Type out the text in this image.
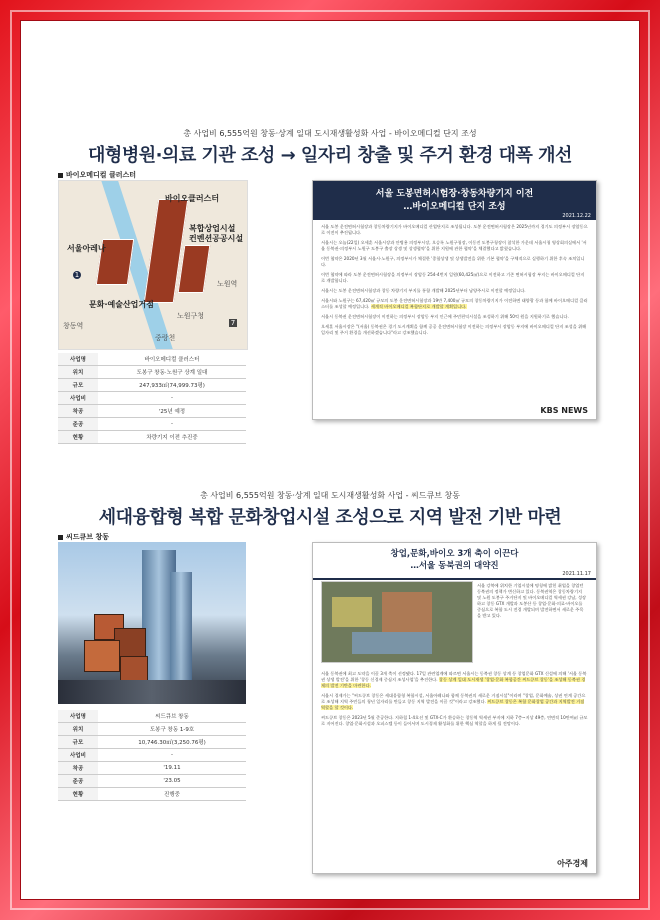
총 사업비 6,555억원 창동·상계 일대 도시재생활성화 사업 - 바이오메디컬 단지 조성

대형병원·의료 기관 조성 → 일자리 창출 및 주거 환경 대폭 개선
바이오메디컬 클러스터
바이오클러스터
복합상업시설
컨벤션공공시설
서울아레나
문화·예술산업거점
노원역
노원구청
창동역
중랑천
1
7
사업명	바이오메디컬 클러스터
위치	도봉구 창동·노원구 상계 일대
규모	247,933㎡(74,999.73평)
사업비	-
착공	'25년 예정
준공	-
현황	차량기지 이전 추진중
서울 도봉면허시험장·창동차량기지 이전
…바이오메디컬 단지 조성
2021.12.22

서울 도봉 운전면허시험장과 창동차량기지가 바이오메디컬 산업단지로 조성됩니다. 도봉 운전면허시험장은 2025년까지 경기도 의정부시 장암동으로 이전이 추진됩니다.

서울시는 오늘(22일) 오세훈 서울시장과 안병용 의정부시장, 오승록 노원구청장, 이동진 도봉구청장이 참석한 가운데 서울시청 영상회의실에서 '서울 동북권-의정부시 노원구 도봉구 출장 상생 및 상생협약'을 위한 지원에 관한 협약'을 체결했다고 밝혔습니다.

이번 협약은 2020년 3월 서울시·노원구, 의정부시가 체결한 '종합상생 및 상생발전을 위한 기본 협약'을 구체적으로 실행하기 위한 후속 조치입니다.

이번 협약에 따라 도봉 운전면허시험장을 의정부시 장암동 254-4번지 일원(60,425㎡)으로 이전하고 기존 면허시험장 부지는 바이오메디컬 단지로 개발합니다.

서울시는 도봉 운전면허시험장과 창동 차량기지 부지를 통합 개발해 2025년부터 남양주시로 이전할 예정입니다.

서울시와 노원구는 67,420㎡ 규모의 도봉 운전면허시험장과 19만 7,400㎡ 규모의 창동차량기지가 이전하면 태양광 등과 함께 바이오메디컬 클러스터를 조성할 예정입니다. 세계적 바이오메디컬 복합단지로 개발할 계획입니다.

서울시 동북권 운전면허시험장이 이전하는 의정부시 장암동 부지 인근에 주민편익시설을 조성하기 위해 50억 원을 지원하기로 했습니다.

오세훈 서울시장은 "(서울) 동북권은 경기 도시계획을 함께 공공 운전면허시험장 이전하는 의정부시 장암동 부지에 바이오메디컬 단지 조성을 위해 일자리 및 주거 환경을 개선하겠습니다"라고 강조했습니다.

KBS NEWS

총 사업비 6,555억원 창동·상계 일대 도시재생활성화 사업 - 씨드큐브 창동

세대융합형 복합 문화창업시설 조성으로 지역 발전 기반 마련
씨드큐브 창동
사업명	씨드큐브 창동
위치	도봉구 창동 1-9호
규모	10,746.30㎡(3,250.76평)
사업비	-
착공	'19.11
준공	'23.05
현황	진행중
창업,문화,바이오 3개 축이 이끈다
…서울 동북권의 대약진
2021.11.17

서울 강북에 위치한 기업시설에 명칭에 밝힌 취업을 창업던 동북권의 정책가 변신하고 있다. 동북권역은 창동차량기지 및 노원 도봉구 주거단지 및 바이오메디컬 역세권 강남, 성장하고 창동 GTX 개발과 도봉산 등 창업·문화·의료·바이오를 중심으로 복합 도시 전경 개발되며 발전하면서 새로운 주목을 받고 있다.

서울 동북권에 최고 도약을 이끌 3개 축이 선정됐다. 17일 관련업계에 따르면 서울시는 동북권 창동 상계 등 창업문화 GTX 신설에 의해 '서울 동북권 상생 발전'을 위한 '창동 신경제 중심지 조성사업'을 추진한다. 창동 상계 일대 도시재생 '창업·문화 복합공간 씨드큐브 창동'을 조성해 동북권 경제의 발전 기반을 마련한다.

서울시 경제가는 "씨드큐브 창동은 세대융합형 복합시설, 서울아레나와 함께 동북권의 새로운 거점시설"이라며 "창업, 문화예술, 상권 연계 공간으로 조성해 지역 주민들의 청년 일자리를 만들고 창동 지역 발전을 이끌 것"이라고 강조했다. 씨드큐브 창동은 복합 문화창업 공간과 지역발전 거점 역할을 할 것이다.

씨드큐브 창동은 2023년 5월 준공한다. 지하철 1·4호선 및 GTX-C가 환승하는 창동역 역세권 부지에 지하 7층~지상 49층, 연면적 10만여㎡ 규모로 지어진다. 창업·문화시설과 오피스텔 등이 들어서며 도시경제 활성화를 위한 핵심 역할을 하게 될 전망이다.

아주경제
